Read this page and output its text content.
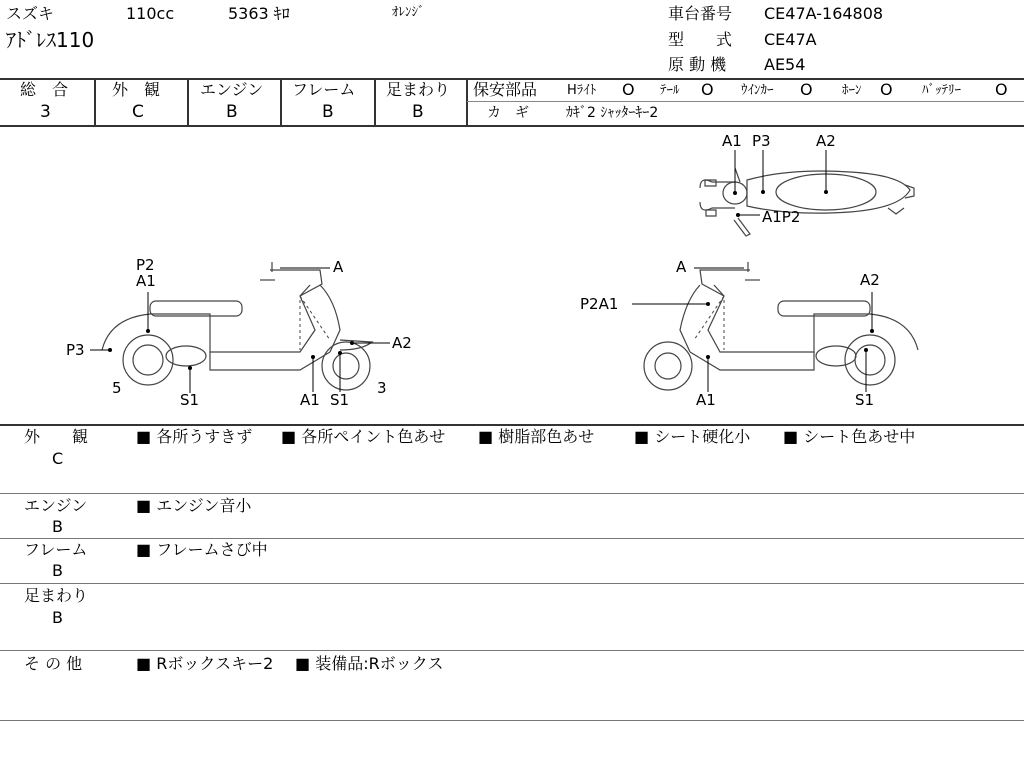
スズキ	110cc	5363 ｷﾛ	ｵﾚﾝｼﾞ
ｱﾄﾞﾚｽ110
車台番号 CE47A-164808
型　　式 CE47A
原 動 機 AE54
総　合
3
外　観
C
エンジン
B
フレーム
B
足まわり
B
保安部品 Hﾗｲﾄ O ﾃｰﾙ O ｳｲﾝｶｰ O ﾎｰﾝ O ﾊﾞｯﾃﾘｰ O
カ　ギ	ｶｷﾞ2 ｼｬｯﾀｰｷｰ2
A1 P3	A2
A1P2
P2
A1
P3
A
A2
5
S1	A1 S1
3
A
P2A1
A2
A1	S1
外　　観
C
■ 各所うすきず ■ 各所ペイント色あせ ■ 樹脂部色あせ ■ シート硬化小 ■ シート色あせ中
エンジン
B
■ エンジン音小
フレーム
B
■ フレームさび中
足まわり
B
そ の 他	■ Rボックスキー2 ■ 装備品:Rボックス
